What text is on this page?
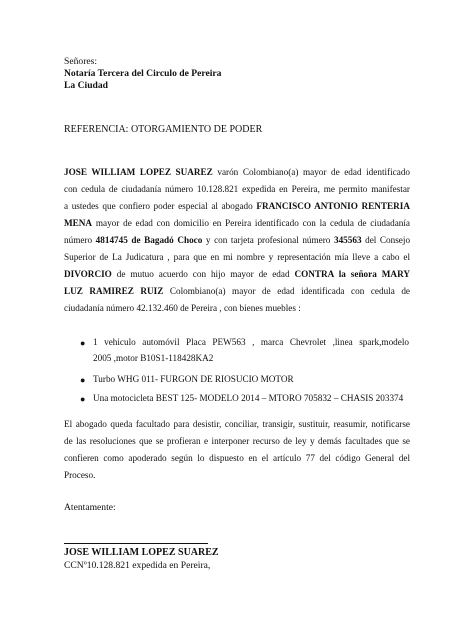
Señores:
Notaría Tercera del Circulo de Pereira
La Ciudad
REFERENCIA: OTORGAMIENTO DE PODER
JOSE WILLIAM LOPEZ SUAREZ varón Colombiano(a) mayor de edad identificado
con cedula de ciudadanía número 10.128.821 expedida en Pereira, me permito manifestar
a ustedes que confiero poder especial al abogado FRANCISCO ANTONIO RENTERIA
MENA mayor de edad con domicilio en Pereira identificado con la cedula de ciudadanía
número 4814745 de Bagadó Choco y con tarjeta profesional número 345563 del Consejo
Superior de La Judicatura , para que en mi nombre y representación mía lleve a cabo el
DIVORCIO de mutuo acuerdo con hijo mayor de edad CONTRA la señora MARY
LUZ RAMIREZ RUIZ Colombiano(a) mayor de edad identificada con cedula de
ciudadanía número 42.132.460 de Pereira , con bienes muebles :
● 1 vehiculo automóvil Placa PEW563 , marca Chevrolet ,linea spark,modelo
2005 ,motor B10S1-118428KA2
● Turbo WHG 011- FURGON DE RIOSUCIO MOTOR
● Una motocicleta BEST 125- MODELO 2014 – MTORO 705832 – CHASIS 203374
El abogado queda facultado para desistir, conciliar, transigir, sustituir, reasumir, notificarse
de las resoluciones que se profieran e interponer recurso de ley y demás facultades que se
confieren como apoderado según lo dispuesto en el artículo 77 del código General del
Proceso.
Atentamente:
JOSE WILLIAM LOPEZ SUAREZ
CCNº10.128.821 expedida en Pereira,
